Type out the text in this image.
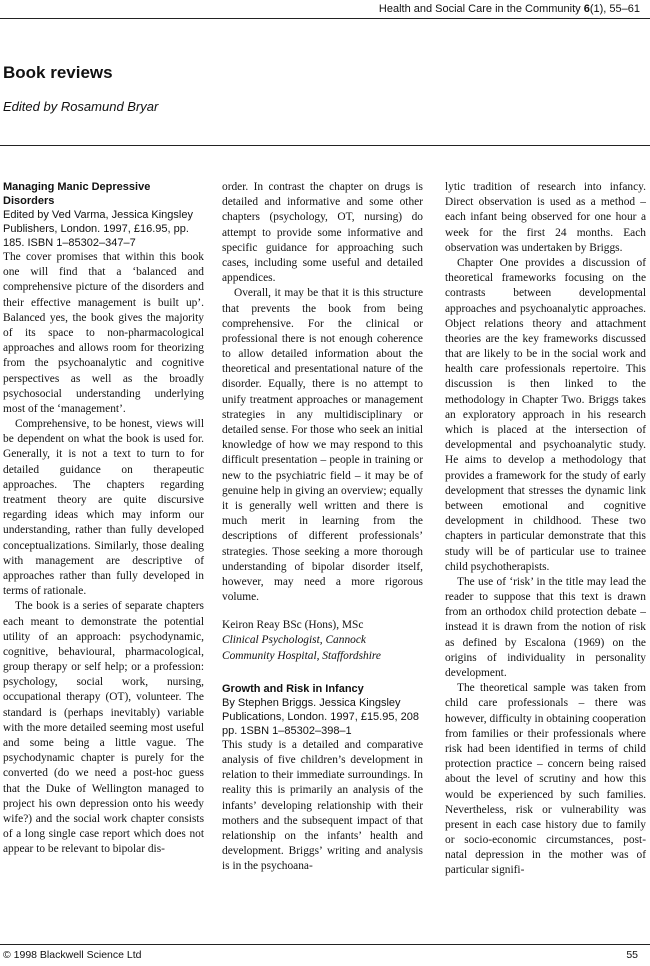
Health and Social Care in the Community 6(1), 55–61
Book reviews

Edited by Rosamund Bryar

Managing Manic Depressive Disorders

Edited by Ved Varma, Jessica Kingsley Publishers, London. 1997, £16.95, pp. 185. ISBN 1–85302–347–7

The cover promises that within this book one will find that a ‘balanced and comprehensive picture of the disorders and their effective management is built up’. Balanced yes, the book gives the majority of its space to non-pharmacological approaches and allows room for theorizing from the psychoanalytic and cognitive perspectives as well as the broadly psychosocial understanding underlying most of the ‘management’.

Comprehensive, to be honest, views will be dependent on what the book is used for. Generally, it is not a text to turn to for detailed guidance on therapeutic approaches. The chapters regarding treatment theory are quite discursive regarding ideas which may inform our understanding, rather than fully developed conceptualizations. Similarly, those dealing with management are descriptive of approaches rather than fully developed in terms of rationale.

The book is a series of separate chapters each meant to demonstrate the potential utility of an approach: psychodynamic, cognitive, behavioural, pharmacological, group therapy or self help; or a profession: psychology, social work, nursing, occupational therapy (OT), volunteer. The standard is (perhaps inevitably) variable with the more detailed seeming most useful and some being a little vague. The psychodynamic chapter is purely for the converted (do we need a post-hoc guess that the Duke of Wellington managed to project his own depression onto his weedy wife?) and the social work chapter consists of a long single case report which does not appear to be relevant to bipolar dis-

order. In contrast the chapter on drugs is detailed and informative and some other chapters (psychology, OT, nursing) do attempt to provide some informative and specific guidance for approaching such cases, including some useful and detailed appendices.

Overall, it may be that it is this structure that prevents the book from being comprehensive. For the clinical or professional there is not enough coherence to allow detailed information about the theoretical and presentational nature of the disorder. Equally, there is no attempt to unify treatment approaches or management strategies in any multidisciplinary or detailed sense. For those who seek an initial knowledge of how we may respond to this difficult presentation – people in training or new to the psychiatric field – it may be of genuine help in giving an overview; equally it is generally well written and there is much merit in learning from the descriptions of different professionals’ strategies. Those seeking a more thorough understanding of bipolar disorder itself, however, may need a more rigorous volume.

Keiron Reay BSc (Hons), MSc

Clinical Psychologist, Cannock

Community Hospital, Staffordshire

Growth and Risk in Infancy

By Stephen Briggs. Jessica Kingsley Publications, London. 1997, £15.95, 208 pp. 1SBN 1–85302–398–1

This study is a detailed and comparative analysis of five children’s development in relation to their immediate surroundings. In reality this is primarily an analysis of the infants’ developing relationship with their mothers and the subsequent impact of that relationship on the infants’ health and development. Briggs’ writing and analysis is in the psychoana-

lytic tradition of research into infancy. Direct observation is used as a method – each infant being observed for one hour a week for the first 24 months. Each observation was undertaken by Briggs.

Chapter One provides a discussion of theoretical frameworks focusing on the contrasts between developmental approaches and psychoanalytic approaches. Object relations theory and attachment theories are the key frameworks discussed that are likely to be in the social work and health care professionals repertoire. This discussion is then linked to the methodology in Chapter Two. Briggs takes an exploratory approach in his research which is placed at the intersection of developmental and psychoanalytic study. He aims to develop a methodology that provides a framework for the study of early development that stresses the dynamic link between emotional and cognitive development in childhood. These two chapters in particular demonstrate that this study will be of particular use to trainee child psychotherapists.

The use of ‘risk’ in the title may lead the reader to suppose that this text is drawn from an orthodox child protection debate – instead it is drawn from the notion of risk as defined by Escalona (1969) on the origins of individuality in personality development.

The theoretical sample was taken from child care professionals – there was however, difficulty in obtaining cooperation from families or their professionals where risk had been identified in terms of child protection practice – concern being raised about the level of scrutiny and how this would be experienced by such families. Nevertheless, risk or vulnerability was present in each case history due to family or socio-economic circumstances, post-natal depression in the mother was of particular signifi-

© 1998 Blackwell Science Ltd	55
